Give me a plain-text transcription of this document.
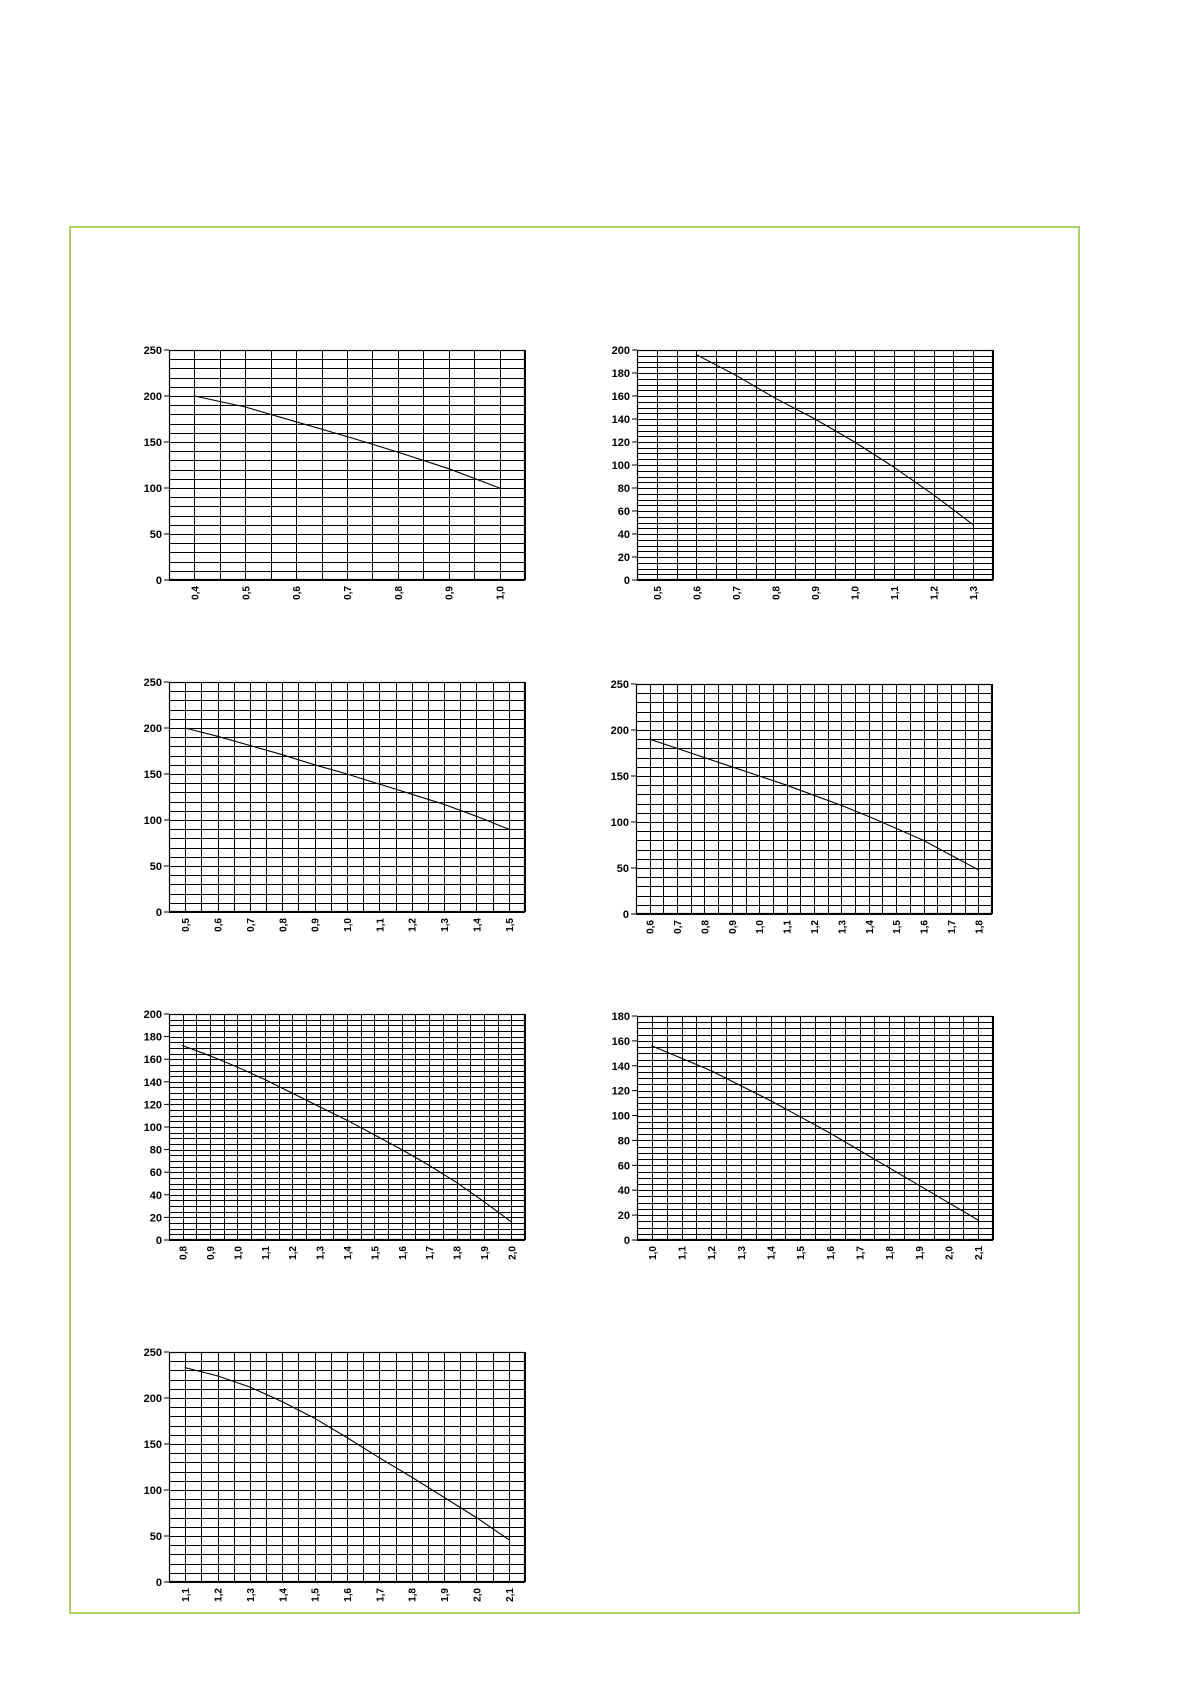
0
50
100
150
200
250
0,4	0,5	0,6	0,7	0,8	0,9	1,0
0
20
40
60
80
100
120
140
160
180
200
0,5	0,6	0,7	0,8	0,9	1,0	1,1	1,2	1,3
0
50
100
150
200
250
0,5 0,6 0,7 0,8 0,9 1,0 1,1 1,2 1,3 1,4 1,5
0
50
100
150
200
250
0,6 0,7 0,8 0,9 1,0 1,1 1,2 1,3 1,4 1,5 1,6 1,7 1,8
0
20
40
60
80
100
120
140
160
180
200
0,8 0,9 1,0 1,1 1,2 1,3 1,4 1,5 1,6 1,7 1,8 1,9 2,0
0
20
40
60
80
100
120
140
160
180
1,0 1,1 1,2 1,3 1,4 1,5 1,6 1,7 1,8 1,9 2,0 2,1
0
50
100
150
200
250
1,1 1,2 1,3 1,4 1,5 1,6 1,7 1,8 1,9 2,0 2,1
